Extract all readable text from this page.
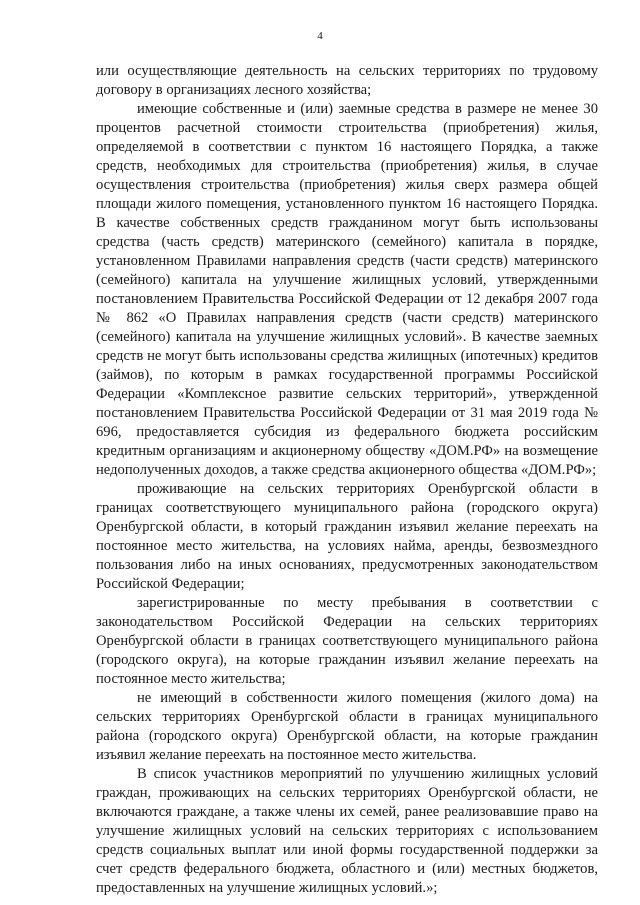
4

или осуществляющие деятельность на сельских территориях по трудовому договору в организациях лесного хозяйства;

имеющие собственные и (или) заемные средства в размере не менее 30 процентов расчетной стоимости строительства (приобретения) жилья, определяемой в соответствии с пунктом 16 настоящего Порядка, а также средств, необходимых для строительства (приобретения) жилья, в случае осуществления строительства (приобретения) жилья сверх размера общей площади жилого помещения, установленного пунктом 16 настоящего Порядка. В качестве собственных средств гражданином могут быть использованы средства (часть средств) материнского (семейного) капитала в порядке, установленном Правилами направления средств (части средств) материнского (семейного) капитала на улучшение жилищных условий, утвержденными постановлением Правительства Российской Федерации от 12 декабря 2007 года № 862 «О Правилах направления средств (части средств) материнского (семейного) капитала на улучшение жилищных условий». В качестве заемных средств не могут быть использованы средства жилищных (ипотечных) кредитов (займов), по которым в рамках государственной программы Российской Федерации «Комплексное развитие сельских территорий», утвержденной постановлением Правительства Российской Федерации от 31 мая 2019 года № 696, предоставляется субсидия из федерального бюджета российским кредитным организациям и акционерному обществу «ДОМ.РФ» на возмещение недополученных доходов, а также средства акционерного общества «ДОМ.РФ»;

проживающие на сельских территориях Оренбургской области в границах соответствующего муниципального района (городского округа) Оренбургской области, в который гражданин изъявил желание переехать на постоянное место жительства, на условиях найма, аренды, безвозмездного пользования либо на иных основаниях, предусмотренных законодательством Российской Федерации;

зарегистрированные по месту пребывания в соответствии с законодательством Российской Федерации на сельских территориях Оренбургской области в границах соответствующего муниципального района (городского округа), на которые гражданин изъявил желание переехать на постоянное место жительства;

не имеющий в собственности жилого помещения (жилого дома) на сельских территориях Оренбургской области в границах муниципального района (городского округа) Оренбургской области, на которые гражданин изъявил желание переехать на постоянное место жительства.

В список участников мероприятий по улучшению жилищных условий граждан, проживающих на сельских территориях Оренбургской области, не включаются граждане, а также члены их семей, ранее реализовавшие право на улучшение жилищных условий на сельских территориях с использованием средств социальных выплат или иной формы государственной поддержки за счет средств федерального бюджета, областного и (или) местных бюджетов, предоставленных на улучшение жилищных условий.»;
